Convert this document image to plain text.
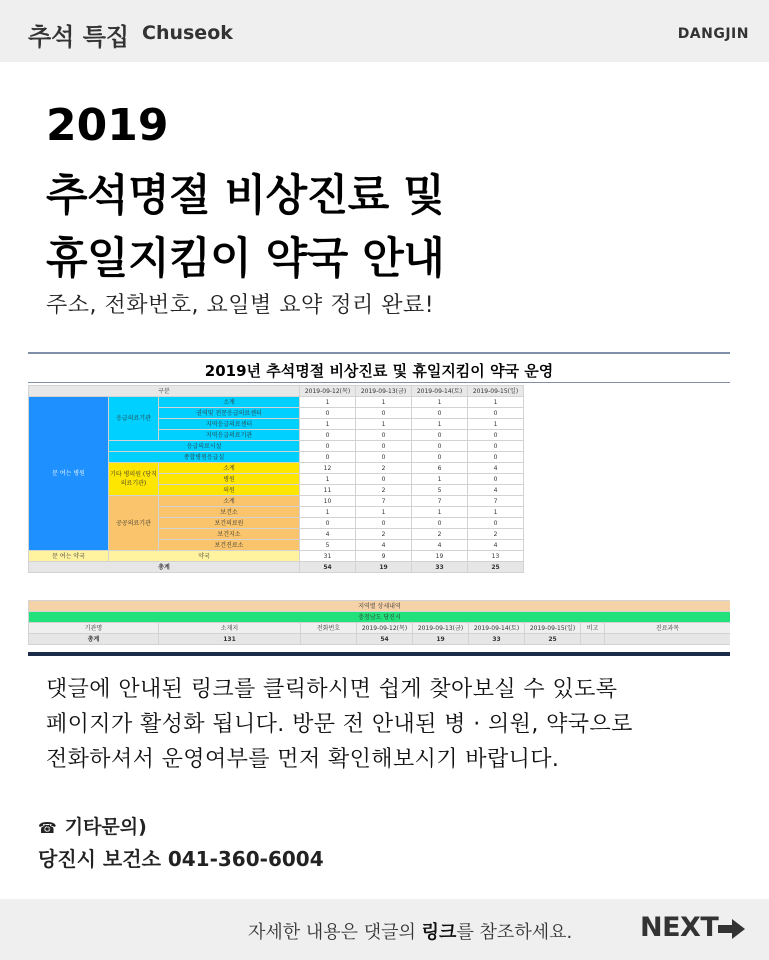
추석 특집 Chuseok	DANGJIN
2019
추석명절 비상진료 및
휴일지킴이 약국 안내
주소, 전화번호, 요일별 요약 정리 완료!
2019년 추석명절 비상진료 및 휴일지킴이 약국 운영
구분			2019-09-12(목)	2019-09-13(금)	2019-09-14(토)	2019-09-15(일)
문 여는 병원	응급의료기관	소계	1	1	1	1
		권역및 전문응급의료센터	0	0	0	0
		지역응급의료센터	1	1	1	1
		지역응급의료기관	0	0	0	0
	응급의료시설		0	0	0	0
	종합병원응급실		0	0	0	0
	기타 병의원 (당직의료기관)	소계	12	2	6	4
		병원	1	0	1	0
		의원	11	2	5	4
	공공의료기관	소계	10	7	7	7
		보건소	1	1	1	1
		보건의료원	0	0	0	0
		보건지소	4	2	2	2
		보건진료소	5	4	4	4
문 여는 약국	약국		31	9	19	13
총계			54	19	33	25
지역별 상세내역								
충청남도 당진시								
기관명	소재지	전화번호	2019-09-12(목)	2019-09-13(금)	2019-09-14(토)	2019-09-15(일)	비고	진료과목
총계	131		54	19	33	25		
댓글에 안내된 링크를 클릭하시면 쉽게 찾아보실 수 있도록
페이지가 활성화 됩니다. 방문 전 안내된 병 · 의원, 약국으로
전화하셔서 운영여부를 먼저 확인해보시기 바랍니다.
☎ 기타문의)
당진시 보건소 041-360-6004
자세한 내용은 댓글의 링크를 참조하세요.	NEXT
